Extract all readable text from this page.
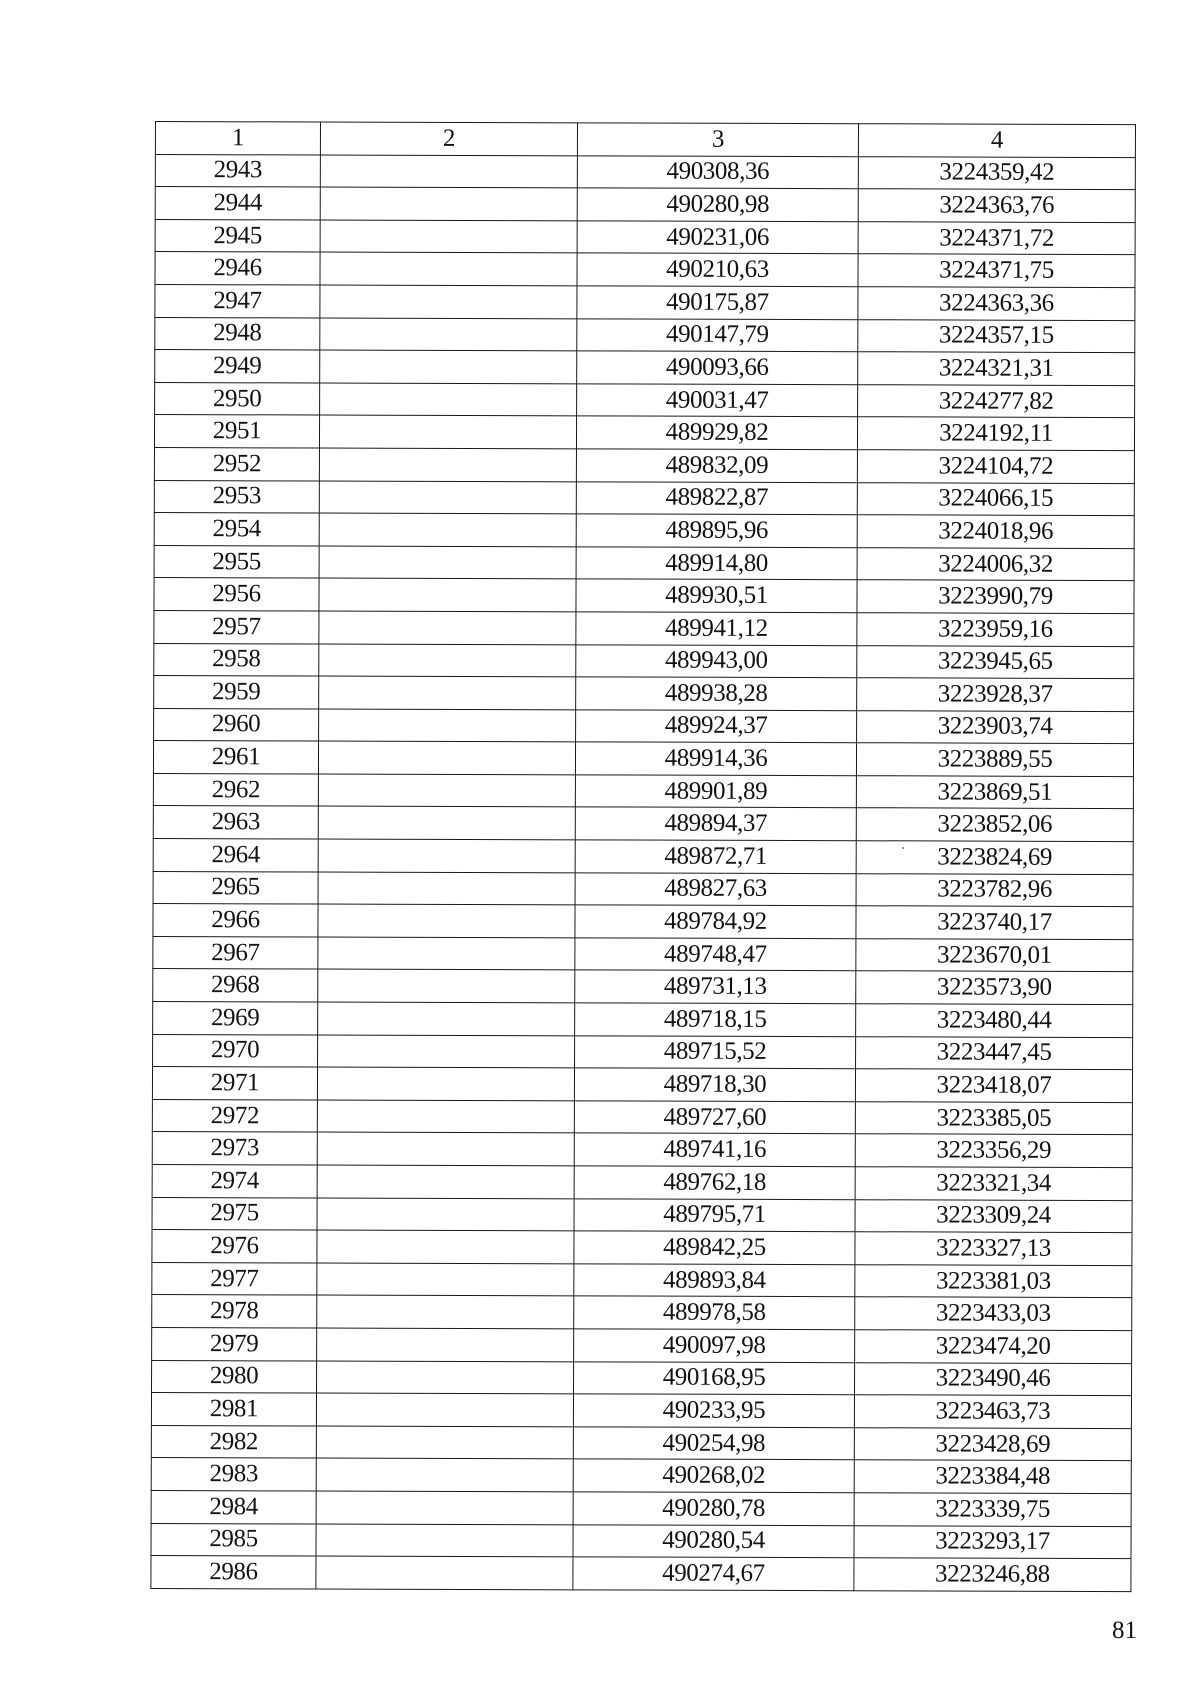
1	2	3	4
2943		490308,36	3224359,42
2944		490280,98	3224363,76
2945		490231,06	3224371,72
2946		490210,63	3224371,75
2947		490175,87	3224363,36
2948		490147,79	3224357,15
2949		490093,66	3224321,31
2950		490031,47	3224277,82
2951		489929,82	3224192,11
2952		489832,09	3224104,72
2953		489822,87	3224066,15
2954		489895,96	3224018,96
2955		489914,80	3224006,32
2956		489930,51	3223990,79
2957		489941,12	3223959,16
2958		489943,00	3223945,65
2959		489938,28	3223928,37
2960		489924,37	3223903,74
2961		489914,36	3223889,55
2962		489901,89	3223869,51
2963		489894,37	3223852,06
2964		489872,71	3223824,69
2965		489827,63	3223782,96
2966		489784,92	3223740,17
2967		489748,47	3223670,01
2968		489731,13	3223573,90
2969		489718,15	3223480,44
2970		489715,52	3223447,45
2971		489718,30	3223418,07
2972		489727,60	3223385,05
2973		489741,16	3223356,29
2974		489762,18	3223321,34
2975		489795,71	3223309,24
2976		489842,25	3223327,13
2977		489893,84	3223381,03
2978		489978,58	3223433,03
2979		490097,98	3223474,20
2980		490168,95	3223490,46
2981		490233,95	3223463,73
2982		490254,98	3223428,69
2983		490268,02	3223384,48
2984		490280,78	3223339,75
2985		490280,54	3223293,17
2986		490274,67	3223246,88
81
